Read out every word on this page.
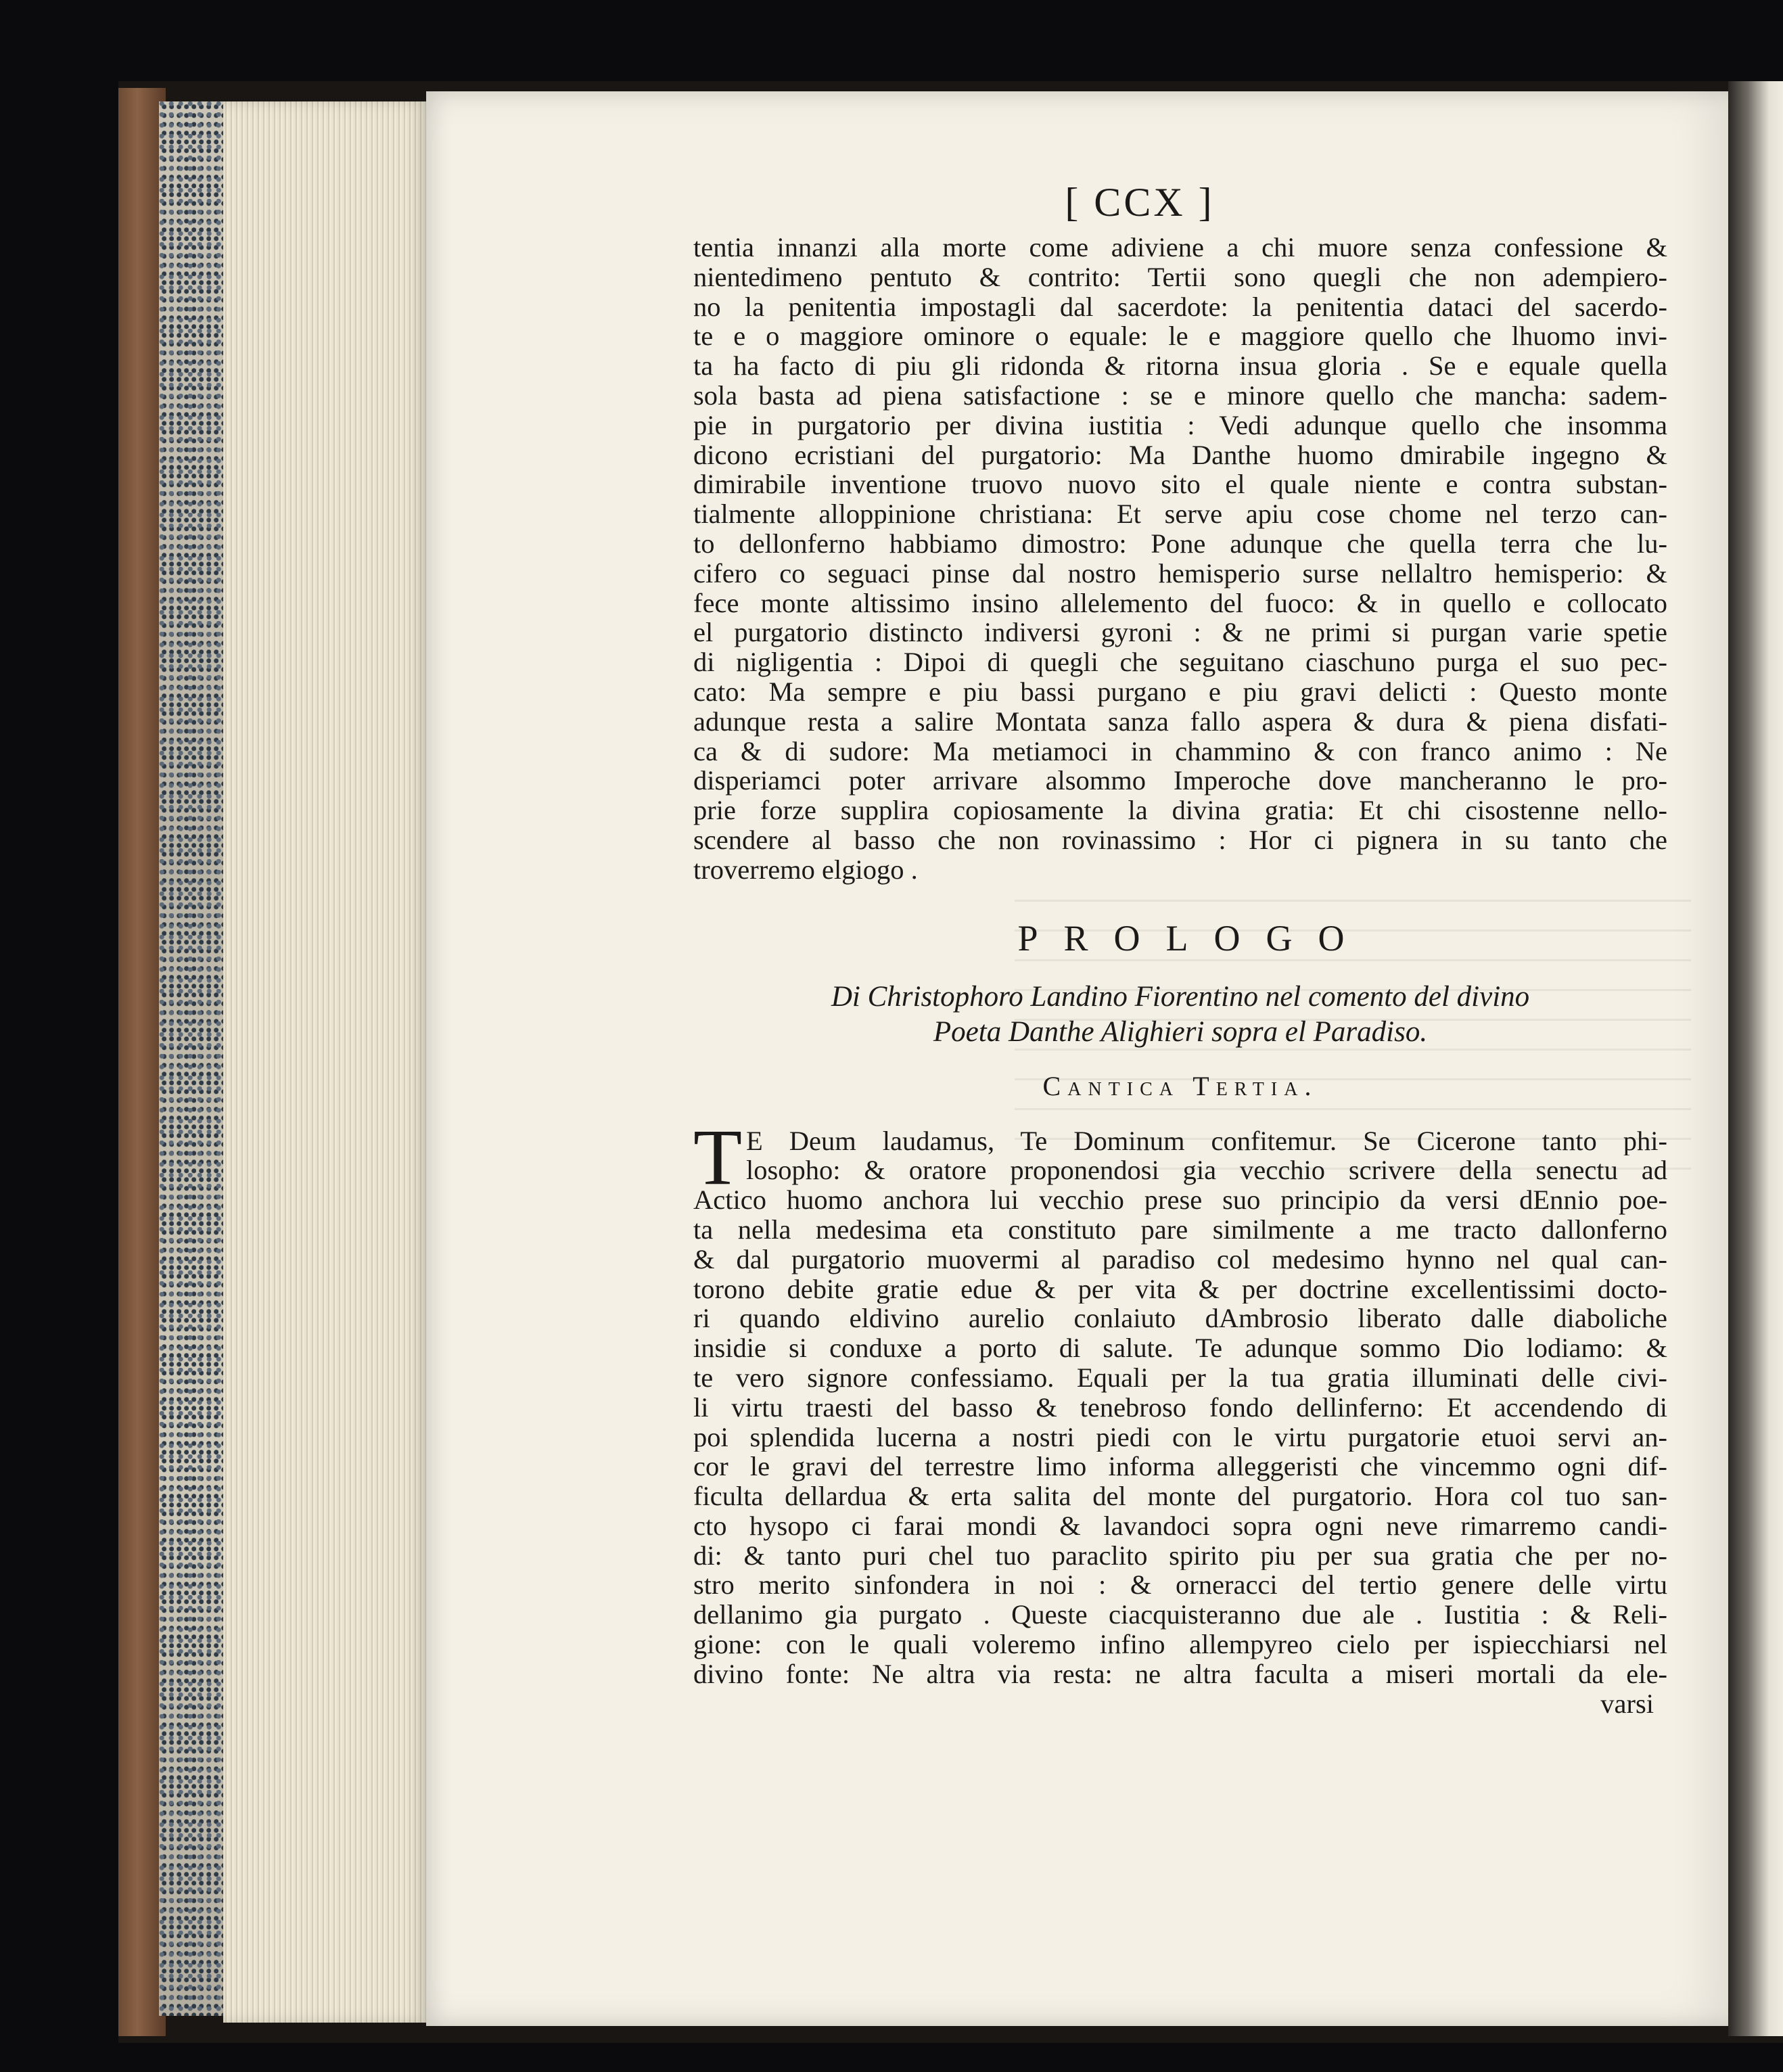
[ CCX ]
tentia innanzi alla morte come adiviene a chi muore senza confessione &
nientedimeno pentuto & contrito: Tertii sono quegli che non adempiero-
no la penitentia impostagli dal sacerdote: la penitentia dataci del sacerdo-
te e o maggiore ominore o equale: le e maggiore quello che lhuomo invi-
ta ha facto di piu gli ridonda & ritorna insua gloria . Se e equale quella
sola basta ad piena satisfactione : se e minore quello che mancha: sadem-
pie in purgatorio per divina iustitia : Vedi adunque quello che insomma
dicono ecristiani del purgatorio: Ma Danthe huomo dmirabile ingegno &
dimirabile inventione truovo nuovo sito el quale niente e contra substan-
tialmente alloppinione christiana: Et serve apiu cose chome nel terzo can-
to dellonferno habbiamo dimostro: Pone adunque che quella terra che lu-
cifero co seguaci pinse dal nostro hemisperio surse nellaltro hemisperio: &
fece monte altissimo insino allelemento del fuoco: & in quello e collocato
el purgatorio distincto indiversi gyroni : & ne primi si purgan varie spetie
di nigligentia : Dipoi di quegli che seguitano ciaschuno purga el suo pec-
cato: Ma sempre e piu bassi purgano e piu gravi delicti : Questo monte
adunque resta a salire Montata sanza fallo aspera & dura & piena disfati-
ca & di sudore: Ma metiamoci in chammino & con franco animo : Ne
disperiamci poter arrivare alsommo Imperoche dove mancheranno le pro-
prie forze supplira copiosamente la divina gratia: Et chi cisostenne nello-
scendere al basso che non rovinassimo : Hor ci pignera in su tanto che
troverremo elgiogo .
PROLOGO
Di Christophoro Landino Fiorentino nel comento del divino
Poeta Danthe Alighieri sopra el Paradiso.
Cantica Tertia.
T E Deum laudamus, Te Dominum confitemur. Se Cicerone tanto phi-
losopho: & oratore proponendosi gia vecchio scrivere della senectu ad
Actico huomo anchora lui vecchio prese suo principio da versi dEnnio poe-
ta nella medesima eta constituto pare similmente a me tracto dallonferno
& dal purgatorio muovermi al paradiso col medesimo hynno nel qual can-
torono debite gratie edue & per vita & per doctrine excellentissimi docto-
ri quando eldivino aurelio conlaiuto dAmbrosio liberato dalle diaboliche
insidie si conduxe a porto di salute. Te adunque sommo Dio lodiamo: &
te vero signore confessiamo. Equali per la tua gratia illuminati delle civi-
li virtu traesti del basso & tenebroso fondo dellinferno: Et accendendo di
poi splendida lucerna a nostri piedi con le virtu purgatorie etuoi servi an-
cor le gravi del terrestre limo informa alleggeristi che vincemmo ogni dif-
ficulta dellardua & erta salita del monte del purgatorio. Hora col tuo san-
cto hysopo ci farai mondi & lavandoci sopra ogni neve rimarremo candi-
di: & tanto puri chel tuo paraclito spirito piu per sua gratia che per no-
stro merito sinfondera in noi : & orneracci del tertio genere delle virtu
dellanimo gia purgato . Queste ciacquisteranno due ale . Iustitia : & Reli-
gione: con le quali voleremo infino allempyreo cielo per ispiecchiarsi nel
divino fonte: Ne altra via resta: ne altra faculta a miseri mortali da ele-
varsi
